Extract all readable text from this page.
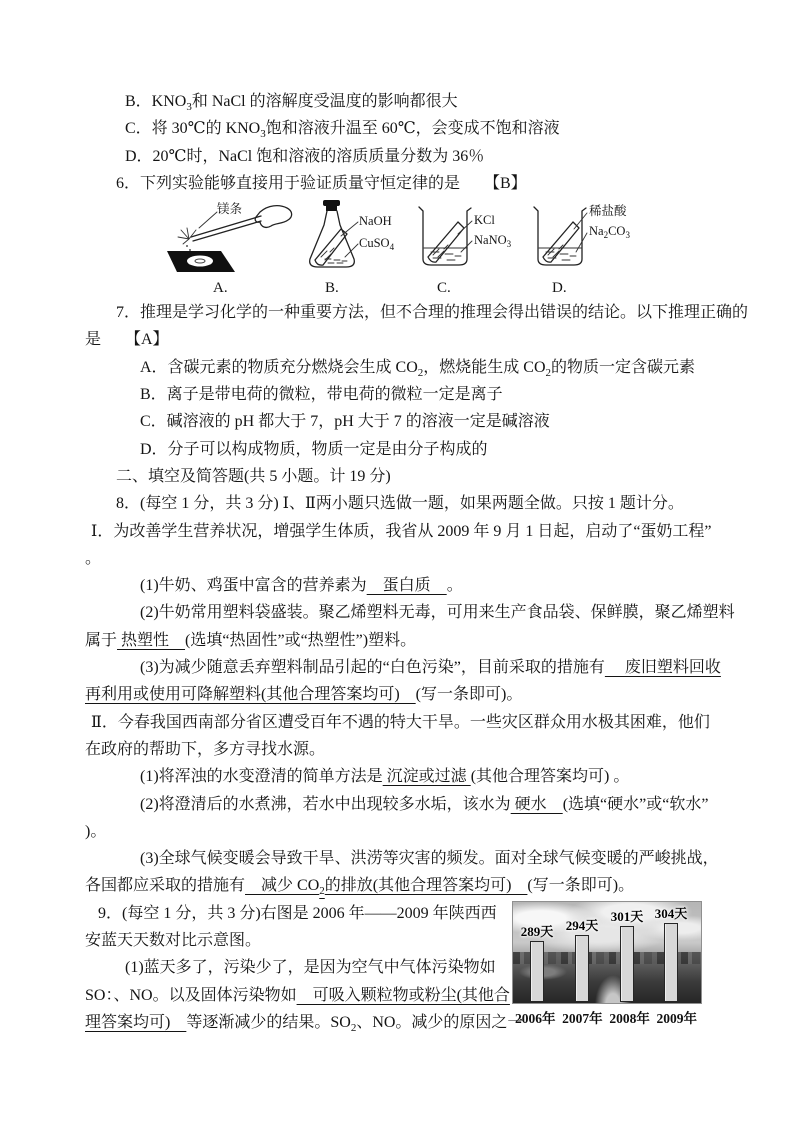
B．$KNO_3$和 NaCl 的溶解度受温度的影响都很大

C．将 30℃的 $KNO_3$饱和溶液升温至 60℃，会变成不饱和溶液

D．20℃时，NaCl 饱和溶液的溶质质量分数为 36％

6．下列实验能够直接用于验证质量守恒定律的是　　【B】

镁条
A.
NaOH
CuSO$_4$
B.
KCl
NaNO$_3$
C.
稀盐酸
$Na_2CO_3$
D.

7．推理是学习化学的一种重要方法，但不合理的推理会得出错误的结论。以下推理正确的

是　　【A】

A．含碳元素的物质充分燃烧会生成 $CO_2$，燃烧能生成 $CO_2$的物质一定含碳元素

B．离子是带电荷的微粒，带电荷的微粒一定是离子

C．碱溶液的 pH 都大于 7，pH 大于 7 的溶液一定是碱溶液

D．分子可以构成物质，物质一定是由分子构成的

二、填空及简答题(共 5 小题。计 19 分)

8．(每空 1 分，共 3 分) Ⅰ、Ⅱ两小题只选做一题，如果两题全做。只按 1 题计分。

Ⅰ．为改善学生营养状况，增强学生体质，我省从 2009 年 9 月 1 日起，启动了“蛋奶工程”

。

(1)牛奶、鸡蛋中富含的营养素为　蛋白质　。

(2)牛奶常用塑料袋盛装。聚乙烯塑料无毒，可用来生产食品袋、保鲜膜，聚乙烯塑料

属于 热塑性　(选填“热固性”或“热塑性”)塑料。

(3)为减少随意丢弃塑料制品引起的“白色污染”，目前采取的措施有　 废旧塑料回收

再利用或使用可降解塑料(其他合理答案均可)　(写一条即可)。

Ⅱ．今春我国西南部分省区遭受百年不遇的特大干旱。一些灾区群众用水极其困难，他们

在政府的帮助下，多方寻找水源。

(1)将浑浊的水变澄清的简单方法是 沉淀或过滤 (其他合理答案均可) 。

(2)将澄清后的水煮沸，若水中出现较多水垢，该水为 硬水　(选填“硬水”或“软水”

)。

(3)全球气候变暖会导致干旱、洪涝等灾害的频发。面对全球气候变暖的严峻挑战，

各国都应采取的措施有　减少 $CO_2$的排放(其他合理答案均可)　(写一条即可)。

9．(每空 1 分，共 3 分)右图是 2006 年——2009 年陕西西

安蓝天天数对比示意图。

(1)蓝天多了，污染少了，是因为空气中气体污染物如

SO：、NO。以及固体污染物如　可吸入颗粒物或粉尘(其他合

理答案均可)　等逐渐减少的结果。$SO_2$、NO。减少的原因之一

289天 294天
301天 304天
2006年 2007年 2008年 2009年
